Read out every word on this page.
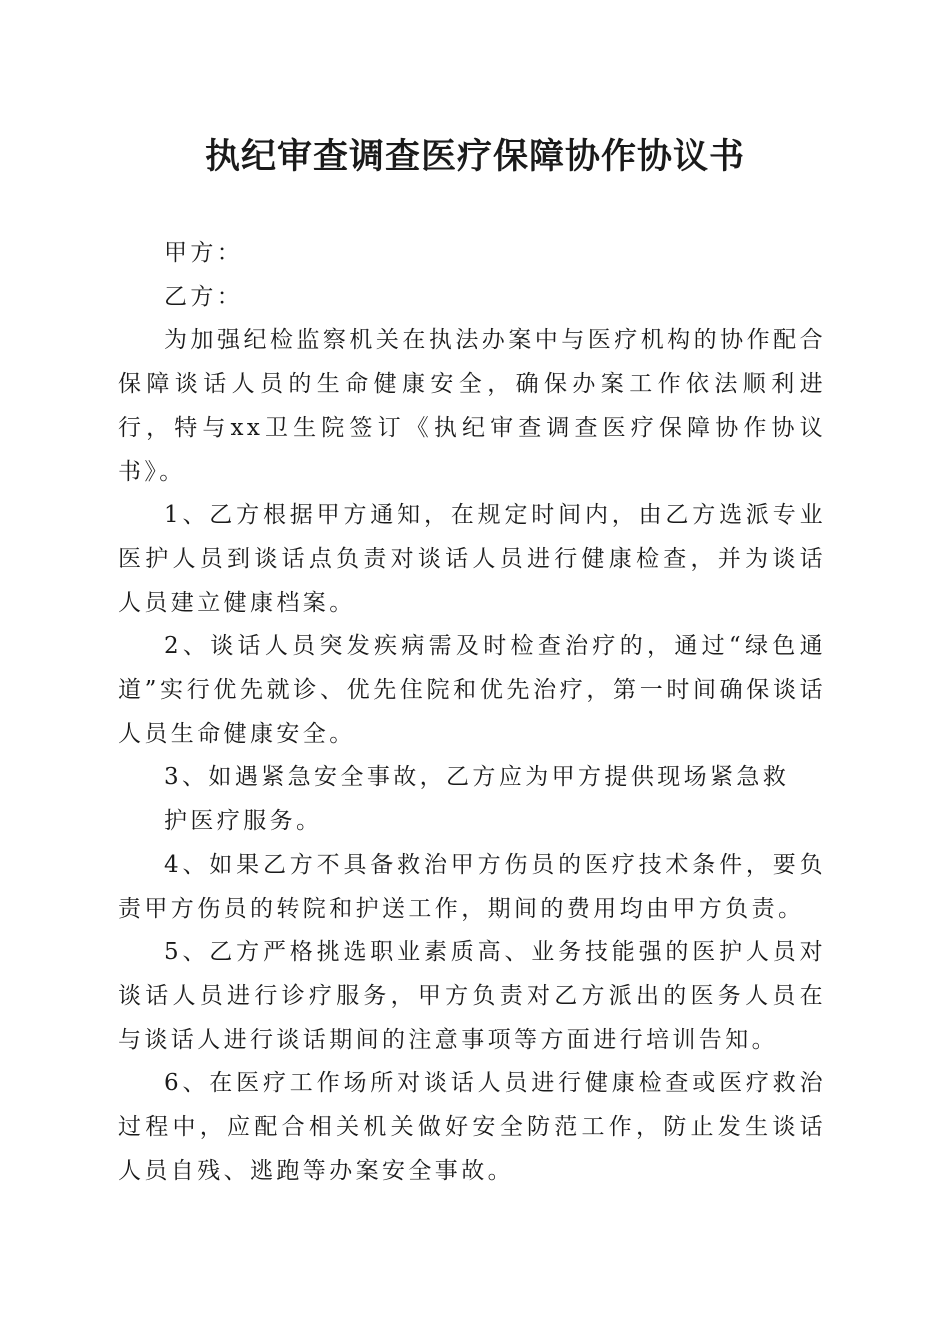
执纪审查调查医疗保障协作协议书

甲方：

乙方：

为加强纪检监察机关在执法办案中与医疗机构的协作配合保障谈话人员的生命健康安全，确保办案工作依法顺利进行，特与xx卫生院签订《执纪审查调查医疗保障协作协议书》。

1、乙方根据甲方通知，在规定时间内，由乙方选派专业医护人员到谈话点负责对谈话人员进行健康检查，并为谈话人员建立健康档案。

2、谈话人员突发疾病需及时检查治疗的，通过“绿色通道”实行优先就诊、优先住院和优先治疗，第一时间确保谈话人员生命健康安全。

3、如遇紧急安全事故，乙方应为甲方提供现场紧急救

护医疗服务。

4、如果乙方不具备救治甲方伤员的医疗技术条件，要负责甲方伤员的转院和护送工作，期间的费用均由甲方负责。

5、乙方严格挑选职业素质高、业务技能强的医护人员对谈话人员进行诊疗服务，甲方负责对乙方派出的医务人员在与谈话人进行谈话期间的注意事项等方面进行培训告知。

6、在医疗工作场所对谈话人员进行健康检查或医疗救治过程中，应配合相关机关做好安全防范工作，防止发生谈话人员自残、逃跑等办案安全事故。
